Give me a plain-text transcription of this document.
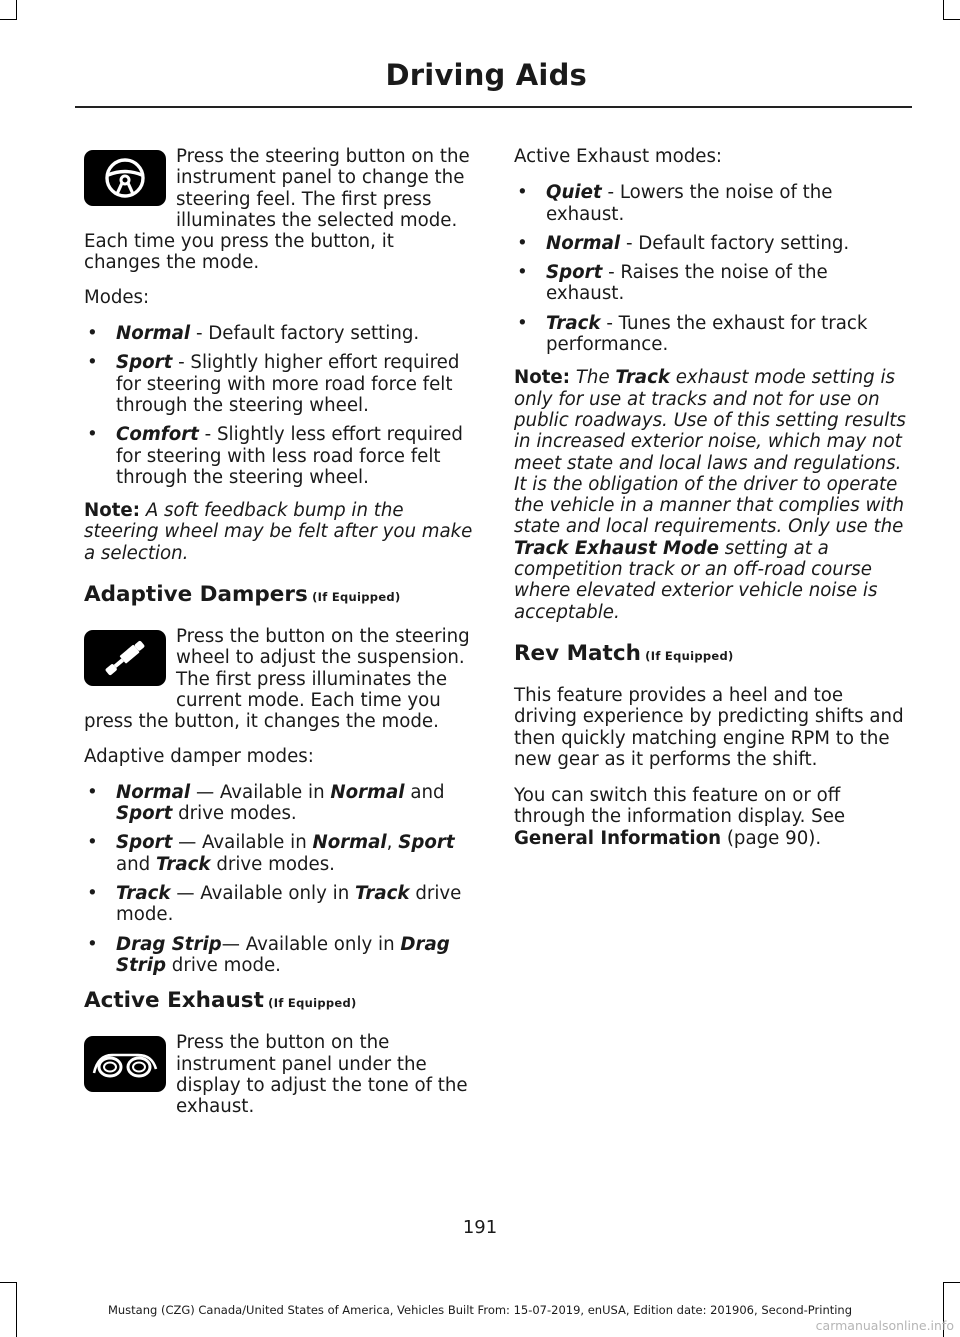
Driving Aids

Press the steering button on the instrument panel to change the steering feel. The first press illuminates the selected mode. Each time you press the button, it changes the mode.

Modes:

• Normal - Default factory setting.
• Sport - Slightly higher effort required for steering with more road force felt through the steering wheel.
• Comfort - Slightly less effort required for steering with less road force felt through the steering wheel.

Note: A soft feedback bump in the steering wheel may be felt after you make a selection.

Adaptive Dampers (If Equipped)

Press the button on the steering wheel to adjust the suspension. The first press illuminates the current mode. Each time you press the button, it changes the mode.

Adaptive damper modes:

• Normal — Available in Normal and Sport drive modes.
• Sport — Available in Normal, Sport and Track drive modes.
• Track — Available only in Track drive mode.
• Drag Strip— Available only in Drag Strip drive mode.
Active Exhaust (If Equipped)

Press the button on the instrument panel under the display to adjust the tone of the exhaust.

Active Exhaust modes:

• Quiet - Lowers the noise of the exhaust.
• Normal - Default factory setting.
• Sport - Raises the noise of the exhaust.
• Track - Tunes the exhaust for track performance.

Note: The Track exhaust mode setting is only for use at tracks and not for use on public roadways. Use of this setting results in increased exterior noise, which may not meet state and local laws and regulations. It is the obligation of the driver to operate the vehicle in a manner that complies with state and local requirements. Only use the Track Exhaust Mode setting at a competition track or an off-road course where elevated exterior vehicle noise is acceptable.

Rev Match (If Equipped)

This feature provides a heel and toe driving experience by predicting shifts and then quickly matching engine RPM to the new gear as it performs the shift.

You can switch this feature on or off through the information display. See General Information (page 90).

191
Mustang (CZG) Canada/United States of America, Vehicles Built From: 15-07-2019, enUSA, Edition date: 201906, Second-Printing
carmanualsonline.info
